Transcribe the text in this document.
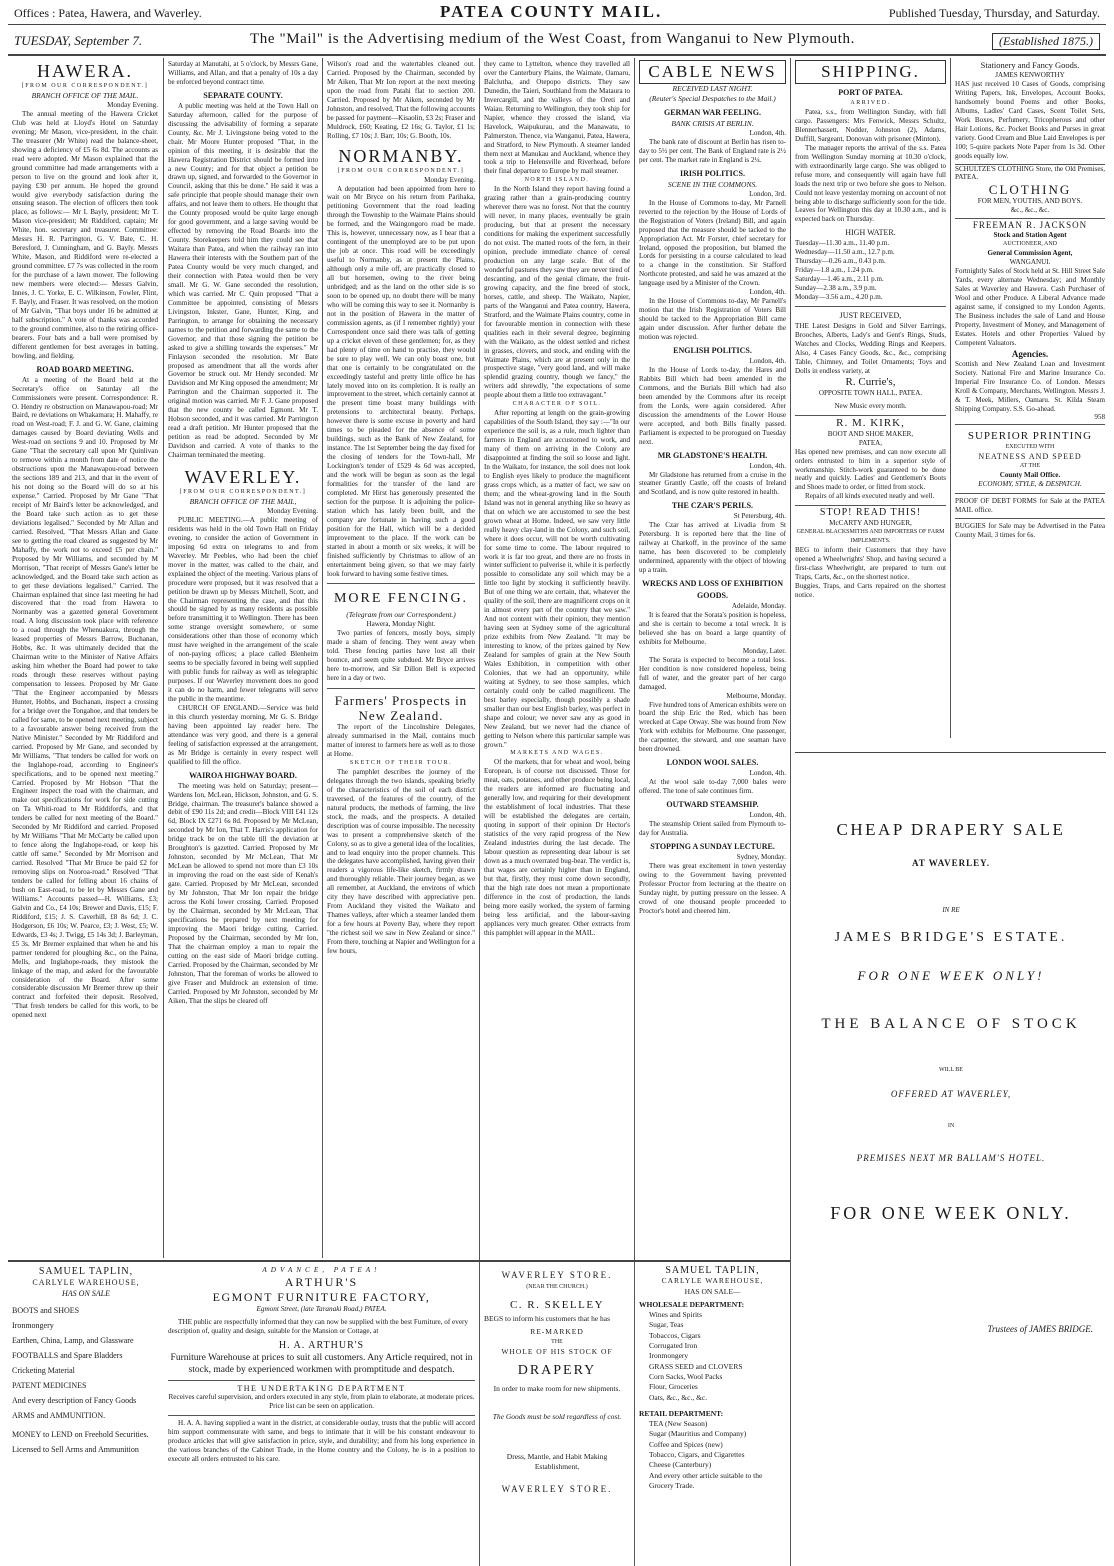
Offices : Patea, Hawera, and Waverley.	PATEA COUNTY MAIL.	Published Tuesday, Thursday, and Saturday.
TUESDAY, September 7.	The "Mail" is the Advertising medium of the West Coast, from Wanganui to New Plymouth.	(Established 1875.)
HAWERA.
[FROM OUR CORRESPONDENT.]
BRANCH OFFICE OF THE MAIL.
Monday Evening.

The annual meeting of the Hawera Cricket Club was held at Lloyd's Hotel on Saturday evening; Mr Mason, vice-president, in the chair. The treasurer (Mr White) read the balance-sheet, showing a deficiency of £5 6s 8d. The accounts as read were adopted. Mr Mason explained that the ground committee had made arrangements with a person to live on the ground and look after it, paying £30 per annum. He hoped the ground would give everybody satisfaction during the ensuing season. The election of officers then took place, as follows:— Mr I. Bayly, president; Mr T. Mason vice-president; Mr Riddiford, captain; Mr White, hon. secretary and treasurer. Committee: Messrs H. R. Parrington, G. V. Bate, C. H. Beresford, J. Cunningham, and G. Bayly. Messrs White, Mason, and Riddiford were re-elected a ground committee. £7 7s was collected in the room for the purchase of a lawn mower. The following new members were elected:— Messrs Galvin, Innes, J. C. Yorke, E. C. Wilkinson, Fowler, Flint, F. Bayly, and Fraser. It was resolved, on the motion of Mr Galvin, "That boys under 16 be admitted at half subscription." A vote of thanks was accorded to the ground committee, also to the retiring office-bearers. Four bats and a ball were promised by different gentlemen for best averages in batting, bowling, and fielding.

ROAD BOARD MEETING.

At a meeting of the Board held at the Secretary's office on Saturday all the Commissioners were present. Correspondence: R. O. Hendry re obstruction on Manawapou-road; Mr Baird, re deviations on Whakamara; H. Mahaffy, re road on West-road; F. J. and G. W. Gane, claiming damages caused by Board deviating Wells and West-road on sections 9 and 10. Proposed by Mr Gane "That the secretary call upon Mr Quinlivan to remove within a month from date of notice the obstructions upon the Manawapou-road between the sections 189 and 213, and that in the event of his not doing so the Board will do so at his expense." Carried. Proposed by Mr Gane "That receipt of Mr Baird's letter be acknowledged, and the Board take such action as to get these deviations legalised." Seconded by Mr Allan and carried. Resolved, "That Messrs Allan and Gane see to getting the road cleared as suggested by Mr Mahaffy, the work not to exceed £5 per chain." Proposed by Mr Williams, and seconded by M Morrison, "That receipt of Messrs Gane's letter be acknowledged, and the Board take such action as to get these deviations legalised." Carried. The Chairman explained that since last meeting he had discovered that the road from Hawera to Normanby was a gazetted general Government road. A long discussion took place with reference to a road through the Whenuakura, through the leased properties of Messrs Barrow, Buchanan, Hobbs, &c. It was ultimately decided that the Chairman write to the Minister of Native Affairs asking him whether the Board had power to take roads through these reserves without paying compensation to lessees. Proposed by Mr Gane "That the Engineer accompanied by Messrs Hunter, Hobbs, and Buchanan, inspect a crossing for a bridge over the Tongahoe, and that tenders be called for same, to be opened next meeting, subject to a favourable answer being received from the Native Minister." Seconded by Mr Riddiford and carried. Proposed by Mr Gane, and seconded by Mr Williams, "That tenders be called for work on the Inglahope-road, according to Engineer's specifications, and to be opened next meeting." Carried. Proposed by Mr Hobson "That the Engineer inspect the road with the chairman, and make out specifications for work for side cutting on Ta Whiti-road to Mr Riddiford's, and that tenders be called for next meeting of the Board." Seconded by Mr Riddiford and carried. Proposed by Mr Williams "That Mr McCarty be called upon to fence along the Inglahope-road, or keep his cattle off same." Seconded by Mr Morrison and carried. Resolved "That Mr Bruce be paid £2 for removing slips on Nooroa-road." Resolved "That tenders be called for felling about 16 chains of bush on East-road, to be let by Messrs Gane and Williams." Accounts passed—H. Williams, £3; Galvin and Co., £4 10s; Brewer and Davis, £15; F. Riddiford, £15; J. S. Caverhill, £8 8s 6d; J. C. Hodgerson, £6 10s; W. Pearce, £3; J. West, £5; W. Edwards, £3 4s; J. Twigg, £5 14s 3d; J. Barleyman, £5 3s. Mr Bremer explained that when he and his partner tendered for ploughing &c., on the Paina, Mells, and Inglahope-roads, they mistook the linkage of the map, and asked for the favourable consideration of the Board. After some considerable discussion Mr Bremer threw up their contract and forfeited their deposit. Resolved, "That fresh tenders be called for this work, to be opened next

Saturday at Manutahi, at 5 o'clock, by Messrs Gane, Williams, and Allan, and that a penalty of 10s a day be enforced beyond contract time.

SEPARATE COUNTY.

A public meeting was held at the Town Hall on Saturday afternoon, called for the purpose of discussing the advisability of forming a separate County, &c. Mr J. Livingstone being voted to the chair. Mr Moore Hunter proposed "That, in the opinion of this meeting, it is desirable that the Hawera Registration District should be formed into a new County; and for that object a petition be drawn up, signed, and forwarded to the Governor in Council, asking that this be done." He said it was a safe principle that people should manage their own affairs, and not leave them to others. He thought that the County proposed would be quite large enough for good government, and a large saving would be effected by removing the Road Boards into the County. Storekeepers told him they could see that Waitara than Patea, and when the railway ran into Hawera their interests with the Southern part of the Patea County would be very much changed, and their connection with Patea would then be very small. Mr G. W. Gane seconded the resolution, which was carried. Mr C. Quin proposed "That a Committee be appointed, consisting of Messrs Livingston, Inkster, Gane, Hunter, King, and Parrington, to arrange for obtaining the necessary names to the petition and forwarding the same to the Governor, and that those signing the petition be asked to give a shilling towards the expenses." Mr Finlayson seconded the resolution. Mr Bate proposed as amendment that all the words after Governor be struck out. Mr Hendy seconded. Mr Davidson and Mr King opposed the amendment; Mr Parrington and the Chairman supported it. The original motion was carried. Mr F. J. Gane proposed that the new county be called Egmont. Mr T. Hobson seconded, and it was carried. Mr Parrington read a draft petition. Mr Hunter proposed that the petition as read be adopted. Seconded by Mr Davidson and carried. A vote of thanks to the Chairman terminated the meeting.

WAVERLEY.
[FROM OUR CORRESPONDENT.]
BRANCH OFFICE OF THE MAIL,
Monday Evening.

PUBLIC MEETING.—A public meeting of residents was held in the old Town Hall on Friday evening, to consider the action of Government in imposing 6d extra on telegrams to and from Waverley. Mr Peebles, who had been the chief mover in the matter, was called to the chair, and explained the object of the meeting. Various plans of procedure were proposed, but it was resolved that a petition be drawn up by Messrs Mitchell, Scott, and the Chairman representing the case, and that this should be signed by as many residents as possible before transmitting it to Wellington. There has been some strange oversight somewhere, or some considerations other than those of economy which must have weighed in the arrangement of the scale of non-paying offices; a place called Blenheim seems to be specially favored in being well supplied with public funds for railway as well as telegraphic purposes. If our Waverley movement does no good it can do no harm, and fewer telegrams will serve the public in the meantime.

CHURCH OF ENGLAND.—Service was held in this church yesterday morning, Mr G. S. Bridge having been appointed lay reader here. The attendance was very good, and there is a general feeling of satisfaction expressed at the arrangement, as Mr Bridge is certainly in every respect well qualified to fill the office.

WAIROA HIGHWAY BOARD.

The meeting was held on Saturday; present—Wardens Ion, McLean, Hickson, Johnston, and G. S. Bridge, chairman. The treasurer's balance showed a debit of £90 11s 2d; and credit—Block VIII £41 12s 6d, Block IX £271 6s 8d. Proposed by Mr McLean, seconded by Mr Ion, That T. Harris's application for bridge track be on the table till the deviation at Broughton's is gazetted. Carried. Proposed by Mr Johnston, seconded by Mr McLean, That Mr McLean be allowed to spend not more than £3 10s in improving the road on the east side of Kenah's gate. Carried. Proposed by Mr McLean, seconded by Mr Johnston, That Mr Ion repair the bridge across the Kohi lower crossing. Carried. Proposed by the Chairman, seconded by Mr McLean, That specifications be prepared by next meeting for improving the Maori bridge cutting. Carried. Proposed by the Chairman, seconded by Mr Ion, That the chairman employ a man to repair the cutting on the east side of Maori bridge cutting. Carried. Proposed by the Chairman, seconded by Mr Johnston, That the foreman of works be allowed to give Fraser and Muldrock an extension of time. Carried. Proposed by Mr Johnston, seconded by Mr Aiken, That the slips be cleared off

Wilson's road and the watertables cleaned out. Carried. Proposed by the Chairman, seconded by Mr Aiken, That Mr Ion report at the next meeting upon the road from Patahi flat to section 200. Carried. Proposed by Mr Aiken, seconded by Mr Johnston, and resolved, That the following accounts be passed for payment—Kisaolin, £3 2s; Fraser and Muldrock, £60; Keating, £2 16s; G. Taylor, £1 1s; Rolling, £7 10s; J. Barr, 10s; G. Booth, 10s.

NORMANBY.
[FROM OUR CORRESPONDENT.]
Monday Evening.

A deputation had been appointed from here to wait on Mr Bryce on his return from Parihaka, petitioning Government that the road leading through the Township to the Waimate Plains should be formed, and the Waingongoro road be made. This is, however, unnecessary now, as I hear that a contingent of the unemployed are to be put upon the job at once. This road will be exceedingly useful to Normanby, as at present the Plains, although only a mile off, are practically closed to all but horsemen, owing to the river being unbridged; and as the land on the other side is so soon to be opened up, no doubt there will be many who will be coming this way to see it. Normanby is not in the position of Hawera in the matter of commission agents, as (if I remember rightly) your Correspondent once said there was talk of getting up a cricket eleven of these gentlemen; for, as they had plenty of time on hand to practise, they would be sure to play well. We can only boast one, but that one is certainly to be congratulated on the exceedingly tasteful and pretty little office he has lately moved into on its completion. It is really an improvement to the street, which certainly cannot at the present time boast many buildings with pretensions to architectural beauty. Perhaps, however there is some excuse in poverty and hard times to be pleaded for the absence of some buildings, such as the Bank of New Zealand, for instance. The 1st September being the day fixed for the closing of tenders for the Town-hall, Mr Lockington's tender of £529 4s 6d was accepted, and the work will be begun as soon as the legal formalities for the transfer of the land are completed. Mr Hirst has generously presented the section for the purpose. It is adjoining the police-station which has lately been built, and the company are fortunate in having such a good position for the Hall, which will be a decided improvement to the place. If the work can be started in about a month or six weeks, it will be finished sufficiently by Christmas to allow of an entertainment being given, so that we may fairly look forward to having some festive times.

MORE FENCING.
(Telegram from our Correspondent.)
Hawera, Monday Night.

Two parties of fencers, mostly boys, simply made a sham of fencing. They went away when told. These fencing parties have lost all their bounce, and seem quite subdued. Mr Bryce arrives here to-morrow, and Sir Dillon Bell is expected here in a day or two.

Farmers' Prospects in New Zealand.

The report of the Lincolnshire Delegates, already summarised in the Mail, contains much matter of interest to farmers here as well as to those at Home.

SKETCH OF THEIR TOUR.

The pamphlet describes the journey of the delegates through the two islands, speaking briefly of the characteristics of the soil of each district traversed, of the features of the country, of the natural products, the methods of farming, the live stock, the roads, and the prospects. A detailed description was of course impossible. The necessity was to present a comprehensive sketch of the Colony, so as to give a general idea of the localities, and to lead enquiry into the proper channels. This the delegates have accomplished, having given their readers a vigorous life-like sketch, firmly drawn and thoroughly reliable. Their journey began, as we all remember, at Auckland, the environs of which city they have described with appreciative pen. From Auckland they visited the Waikato and Thames valleys, after which a steamer landed them for a few hours at Poverty Bay, where they report "the richest soil we saw in New Zealand or since." From there, touching at Napier and Wellington for a few hours,

they came to Lyttelton, whence they travelled all over the Canterbury Plains, the Waimate, Oamaru, Balclutha, and Otepopo districts. They saw Dunedin, the Taieri, Southland from the Mataura to Invercargill, and the valleys of the Oreti and Waiau. Returning to Wellington, they took ship for Napier, whence they crossed the island, via Havelock, Waipukurau, and the Manawatu, to Palmerston. Thence, via Wanganui, Patea, Hawera, and Stratford, to New Plymouth. A steamer landed them next at Manukau and Auckland, whence they took a trip to Helensville and Riverhead, before their final departure to Europe by mail steamer.

NORTH ISLAND.

In the North Island they report having found a grazing rather than a grain-producing country wherever there was no forest. Not that the country will never, in many places, eventually be grain producing, but that at present the necessary conditions for making the experiment successfully do not exist. The matted roots of the fern, in their opinion, preclude immediate chance of cereal production on any large scale. But of the wonderful pastures they saw they are never tired of descanting, and of the genial climate, the fruit-growing capacity, and the fine breed of stock, horses, cattle, and sheep. The Waikato, Napier, parts of the Wanganui and Patea country, Hawera, Stratford, and the Waimate Plains country, come in for favourable mention in connection with these qualities each in their several degree, beginning with the Waikato, as the oldest settled and richest in grasses, clovers, and stock, and ending with the Waimate Plains, which are at present only in the prospective stage, "very good land, and will make splendid grazing country, though we fancy," the writers add shrewdly, "the expectations of some people about them a little too extravagant."

CHARACTER OF SOIL.

After reporting at length on the grain-growing capabilities of the South Island, they say :—"In our experience the soil is, as a rule, much lighter than farmers in England are accustomed to work, and many of them on arriving in the Colony are disappointed at finding the soil so loose and light. In the Waikato, for instance, the soil does not look to English eyes likely to produce the magnificent grass crops which, as a matter of fact, we saw on them; and the wheat-growing land in the South Island was not in general anything like so heavy as that on which we are accustomed to see the best grown wheat at Home. Indeed, we saw very little really heavy clay-land in the Colony, and such soil, where it does occur, will not be worth cultivating for some time to come. The labour required to work it is far too great, and there are no frosts in winter sufficient to pulverise it, while it is perfectly possible to consolidate any soil which may be a little too light by stocking it sufficiently heavily. But of one thing we are certain, that, whatever the quality of the soil, there are magnificent crops on it in almost every part of the country that we saw." And not content with their opinion, they mention having seen at Sydney some of the agricultural prize exhibits from New Zealand. "It may be interesting to know, of the prizes gained by New Zealand for samples of grain at the New South Wales Exhibition, in competition with other Colonies, that we had an opportunity, while waiting at Sydney, to see those samples, which certainly could only be called magnificent. The best barley especially, though possibly a shade smaller than our best English barley, was perfect in shape and colour; we never saw any as good in New Zealand, but we never had the chance of getting to Nelson where this particular sample was grown."

MARKETS AND WAGES.

Of the markets, that for wheat and wool, being European, is of course not discussed. Those for meat, oats, potatoes, and other produce being local, the readers are informed are fluctuating and generally low, and requiring for their development the establishment of local industries. That these will be established the delegates are certain, quoting in support of their opinion Dr Hector's statistics of the very rapid progress of the New Zealand industries during the last decade. The labour question as representing dear labour is set down as a much overrated bug-bear. The verdict is, that wages are certainly higher than in England, but that, firstly, they must come down secondly, that the high rate does not mean a proportionate difference in the cost of production, the lands being more easily worked, the system of farming being less artificial, and the labour-saving appliances very much greater. Other extracts from this pamphlet will appear in the MAIL.

CABLE NEWS
RECEIVED LAST NIGHT.
(Reuter's Special Despatches to the Mail.)
GERMAN WAR FEELING.
BANK CRISIS AT BERLIN.
London, 4th.

The bank rate of discount at Berlin has risen to-day to 5½ per cent. The Bank of England rate is 2½ per cent. The market rate in England is 2¼.

IRISH POLITICS.
SCENE IN THE COMMONS.
London, 3rd.

In the House of Commons to-day, Mr Parnell reverted to the rejection by the House of Lords of the Registration of Voters (Ireland) Bill, and again proposed that the measure should be tacked to the Appropriation Act. Mr Forster, chief secretary for Ireland, opposed the proposition, but blamed the Lords for persisting in a course calculated to lead to a change in the constitution. Sir Stafford Northcote protested, and said he was amazed at the language used by a Minister of the Crown.

London, 4th.

In the House of Commons to-day, Mr Parnell's motion that the Irish Registration of Voters Bill should be tacked to the Appropriation Bill came again under discussion. After further debate the motion was rejected.

ENGLISH POLITICS.
London, 4th.

In the House of Lords to-day, the Hares and Rabbits Bill which had been amended in the Commons, and the Burials Bill which had also been amended by the Commons after its receipt from the Lords, were again considered. After discussion the amendments of the Lower House were accepted, and both Bills finally passed. Parliament is expected to be prorogued on Tuesday next.

MR GLADSTONE'S HEALTH.
London, 4th.

Mr Gladstone has returned from a cruise in the steamer Grantly Castle, off the coasts of Ireland and Scotland, and is now quite restored in health.

THE CZAR'S PERILS.
St Petersburg, 4th.

The Czar has arrived at Livadia from St Petersburg. It is reported here that the line of railway at Charkoff, in the province of the same name, has been discovered to be completely undermined, apparently with the object of blowing up a train.

WRECKS AND LOSS OF EXHIBITION GOODS.
Adelaide, Monday.

It is feared that the Sorata's position is hopeless, and she is certain to become a total wreck. It is believed she has on board a large quantity of exhibits for Melbourne.

Monday, Later.

The Sorata is expected to become a total loss. Her condition is now considered hopeless, being full of water, and the greater part of her cargo damaged.

Melbourne, Monday.

Five hundred tons of American exhibits were on board the ship Eric the Red, which has been wrecked at Cape Otway. She was bound from New York with exhibits for Melbourne. One passenger, the carpenter, the steward, and one seaman have been drowned.

LONDON WOOL SALES.
London, 4th.

At the wool sale to-day 7,000 bales were offered. The tone of sale continues firm.

OUTWARD STEAMSHIP.
London, 4th.

The steamship Orient sailed from Plymouth to-day for Australia.

STOPPING A SUNDAY LECTURE.
Sydney, Monday.

There was great excitement in town yesterday owing to the Government having prevented Professor Proctor from lecturing at the theatre on Sunday night, by putting pressure on the lessee. A crowd of one thousand people proceeded to Proctor's hotel and cheered him.

SHIPPING.
PORT OF PATEA.
ARRIVED.

Patea, s.s., from Wellington Sunday, with full cargo. Passengers: Mrs Fenwick, Messrs Schultz, Blennerhassett, Nodder, Johnston (2), Adams, Duffill, Sargeant, Donovan with prisoner (Minton).

The manager reports the arrival of the s.s. Patea from Wellington Sunday morning at 10.30 o'clock, with extraordinarily large cargo. She was obliged to refuse more, and consequently will again have full loads the next trip or two before she goes to Nelson. Could not leave yesterday morning on account of not being able to discharge sufficiently soon for the tide. Leaves for Wellington this day at 10.30 a.m., and is expected back on Thursday.

HIGH WATER.
Tuesday—11.30 a.m., 11.40 p.m.
Wednesday—11.50 a.m., 12.7 p.m.
Thursday—0.26 a.m., 0.43 p.m.
Friday—1.8 a.m., 1.24 p.m.
Saturday—1.46 a.m., 2.11 p.m.
Sunday—2.38 a.m., 3.9 p.m.
Monday—3.56 a.m., 4.20 p.m.
JUST RECEIVED,

THE Latest Designs in Gold and Silver Earrings, Brooches, Alberts, Lady's and Gent's Rings, Studs, Watches and Clocks, Wedding Rings and Keepers. Also, 4 Cases Fancy Goods, &c., &c., comprising Table, Chimney, and Toilet Ornaments; Toys and Dolls in endless variety, at

R. Currie's,
OPPOSITE TOWN HALL, PATEA.
New Music every month.
R. M. KIRK,
BOOT AND SHOE MAKER,
PATEA,

Has opened new premises, and can now execute all orders entrusted to him in a superior style of workmanship. Stitch-work guaranteed to be done neatly and quickly. Ladies' and Gentlemen's Boots and Shoes made to order, or fitted from stock.

Repairs of all kinds executed neatly and well.

STOP! READ THIS!
McCARTY AND HUNGER,
GENERAL BLACKSMITHS AND IMPORTERS OF FARM IMPLEMENTS.

BEG to inform their Customers that they have opened a Wheelwrights' Shop, and having secured a first-class Wheelwright, are prepared to turn out Traps, Carts, &c., on the shortest notice.

Buggies, Traps, and Carts repaired on the shortest notice.

Stationery and Fancy Goods.
JAMES KENWORTHY

HAS just received 10 Cases of Goods, comprising Writing Papers, Ink, Envelopes, Account Books, handsomely bound Poems and other Books, Albums, Ladies' Card Cases, Scent Toilet Sets, Work Boxes, Perfumery, Tricopherous and other Hair Lotions, &c. Pocket Books and Purses in great variety. Good Cream and Blue Laid Envelopes is per 100; 5-quire packets Note Paper from 1s 3d. Other goods equally low.

SCHULTZE'S CLOTHING Store, the Old Premises, PATEA.

CLOTHING
FOR MEN, YOUTHS, AND BOYS.
&c., &c., &c.
FREEMAN R. JACKSON
Stock and Station Agent
AUCTIONEER, AND
General Commission Agent,
WANGANUI.

Fortnightly Sales of Stock held at St. Hill Street Sale Yards, every alternate Wednesday; and Monthly Sales at Waverley and Hawera. Cash Purchaser of Wool and other Produce. A Liberal Advance made against same, if consigned to my London Agents. The Business includes the sale of Land and House Property, Investment of Money, and Management of Estates. Hotels and other Properties Valued by Competent Valuators.

Agencies.

Scottish and New Zealand Loan and Investment Society. National Fire and Marine Insurance Co. Imperial Fire Insurance Co. of London. Messrs Kroll & Company, Merchants, Wellington. Messrs J. & T. Meek, Millers, Oamaru. St. Kilda Steam Shipping Company. S.S. Go-ahead.

958
SUPERIOR PRINTING
EXECUTED WITH
NEATNESS AND SPEED
AT THE
County Mail Office.
ECONOMY, STYLE, & DESPATCH.

PROOF OF DEBT FORMS for Sale at the PATEA MAIL office.

BUGGIES for Sale may be Advertised in the Patea County Mail, 3 times for 6s.

CHEAP DRAPERY SALE
AT WAVERLEY.
IN RE
JAMES BRIDGE'S ESTATE.
FOR ONE WEEK ONLY!
THE BALANCE OF STOCK
WILL BE
OFFERED AT WAVERLEY,
IN
PREMISES NEXT MR BALLAM'S HOTEL.
FOR ONE WEEK ONLY.
Trustees of JAMES BRIDGE.
SAMUEL TAPLIN,
CARLYLE WAREHOUSE,
HAS ON SALE
BOOTS and SHOES
Ironmongery
Earthen, China, Lamp, and Glassware
FOOTBALLS and Spare Bladders
Cricketing Material
PATENT MEDICINES
And every description of Fancy Goods
ARMS and AMMUNITION.
MONEY to LEND on Freehold Securities.
Licensed to Sell Arms and Ammunition
ADVANCE, PATEA!
ARTHUR'S
EGMONT FURNITURE FACTORY,
Egmont Street, (late Taranaki Road,) PATEA.

THE public are respectfully informed that they can now be supplied with the best Furniture, of every description of, quality and design, suitable for the Mansion or Cottage, at

H. A. ARTHUR'S

Furniture Warehouse at prices to suit all customers. Any Article required, not in stock, made by experienced workmen with promptitude and despatch.

THE UNDERTAKING DEPARTMENT

Receives careful supervision, and orders executed in any style, from plain to elaborate, at moderate prices. Price list can be seen on application.

H. A. A. having supplied a want in the district, at considerable outlay, trusts that the public will accord him support commensurate with same, and begs to intimate that it will be his constant endeavour to produce articles that will give satisfaction in price, style, and durability; and from his long experience in the various branches of the Cabinet Trade, in the Home country and the Colony, he is in a position to execute all orders entrusted to his care.

WAVERLEY STORE.
(NEAR THE CHURCH.)
C. R. SKELLEY

BEGS to inform his customers that he has

RE-MARKED
THE
WHOLE OF HIS STOCK OF
DRAPERY
In order to make room for new shipments.
The Goods must be sold regardless of cost.
Dress, Mantle, and Habit Making Establishment,
WAVERLEY STORE.
SAMUEL TAPLIN,
CARLYLE WAREHOUSE,
HAS ON SALE—
WHOLESALE DEPARTMENT:
Wines and Spirits
Sugar, Teas
Tobaccos, Cigars
Corrugated Iron
Ironmongery
GRASS SEED and CLOVERS
Corn Sacks, Wool Packs
Flour, Groceries
Oats, &c., &c., &c.
RETAIL DEPARTMENT:
TEA (New Season)
Sugar (Mauritius and Company)
Coffee and Spices (new)
Tobacco, Cigars, and Cigarettes
Cheese (Canterbury)
And every other article suitable to the Grocery Trade.
